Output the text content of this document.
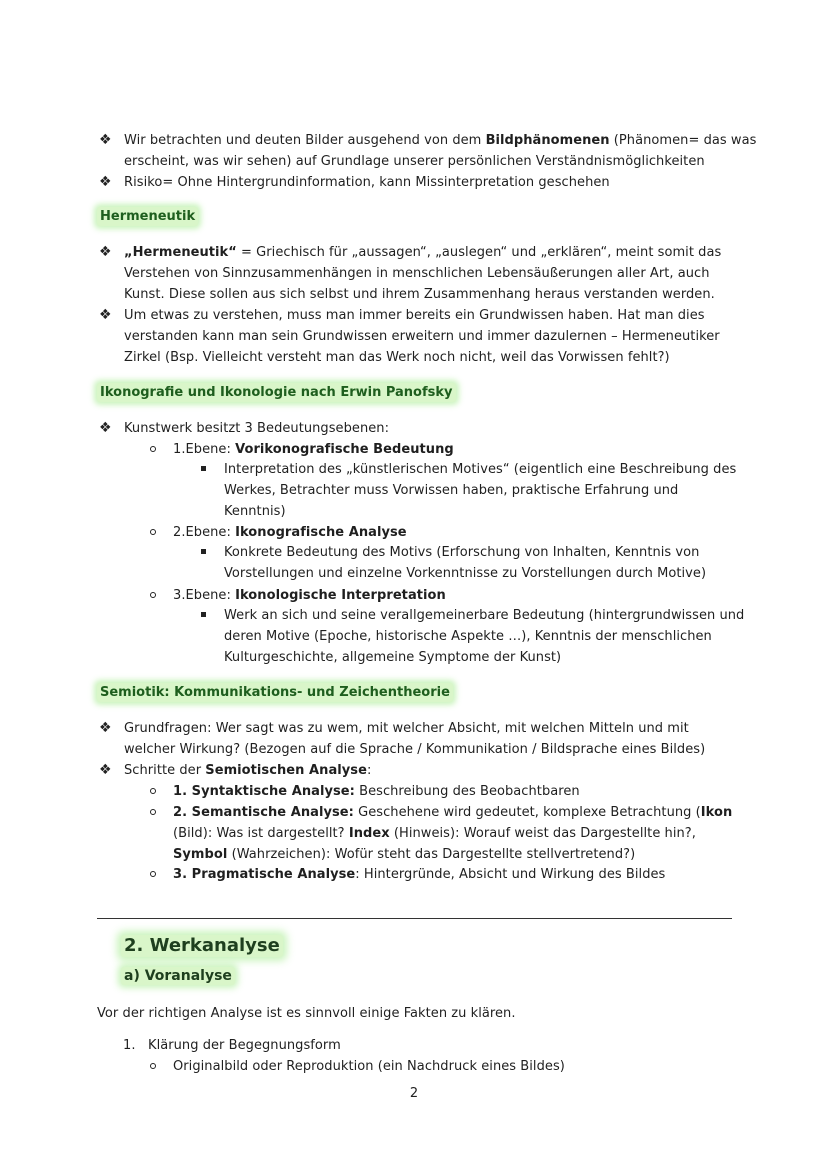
❖ Wir betrachten und deuten Bilder ausgehend von dem Bildphänomenen (Phänomen= das was
erscheint, was wir sehen) auf Grundlage unserer persönlichen Verständnismöglichkeiten
❖ Risiko= Ohne Hintergrundinformation, kann Missinterpretation geschehen
Hermeneutik
❖ „Hermeneutik“ = Griechisch für „aussagen“, „auslegen“ und „erklären“, meint somit das
Verstehen von Sinnzusammenhängen in menschlichen Lebensäußerungen aller Art, auch
Kunst. Diese sollen aus sich selbst und ihrem Zusammenhang heraus verstanden werden.
❖ Um etwas zu verstehen, muss man immer bereits ein Grundwissen haben. Hat man dies
verstanden kann man sein Grundwissen erweitern und immer dazulernen – Hermeneutiker
Zirkel (Bsp. Vielleicht versteht man das Werk noch nicht, weil das Vorwissen fehlt?)
Ikonografie und Ikonologie nach Erwin Panofsky
❖ Kunstwerk besitzt 3 Bedeutungsebenen:
1.Ebene: Vorikonografische Bedeutung
Interpretation des „künstlerischen Motives“ (eigentlich eine Beschreibung des
Werkes, Betrachter muss Vorwissen haben, praktische Erfahrung und
Kenntnis)
2.Ebene: Ikonografische Analyse
Konkrete Bedeutung des Motivs (Erforschung von Inhalten, Kenntnis von
Vorstellungen und einzelne Vorkenntnisse zu Vorstellungen durch Motive)
3.Ebene: Ikonologische Interpretation
Werk an sich und seine verallgemeinerbare Bedeutung (hintergrundwissen und
deren Motive (Epoche, historische Aspekte …), Kenntnis der menschlichen
Kulturgeschichte, allgemeine Symptome der Kunst)
Semiotik: Kommunikations- und Zeichentheorie
❖ Grundfragen: Wer sagt was zu wem, mit welcher Absicht, mit welchen Mitteln und mit
welcher Wirkung? (Bezogen auf die Sprache / Kommunikation / Bildsprache eines Bildes)
❖ Schritte der Semiotischen Analyse:
1. Syntaktische Analyse: Beschreibung des Beobachtbaren
2. Semantische Analyse: Geschehene wird gedeutet, komplexe Betrachtung (Ikon
(Bild): Was ist dargestellt? Index (Hinweis): Worauf weist das Dargestellte hin?,
Symbol (Wahrzeichen): Wofür steht das Dargestellte stellvertretend?)
3. Pragmatische Analyse: Hintergründe, Absicht und Wirkung des Bildes
2. Werkanalyse
a) Voranalyse
Vor der richtigen Analyse ist es sinnvoll einige Fakten zu klären.
1. Klärung der Begegnungsform
Originalbild oder Reproduktion (ein Nachdruck eines Bildes)
2
